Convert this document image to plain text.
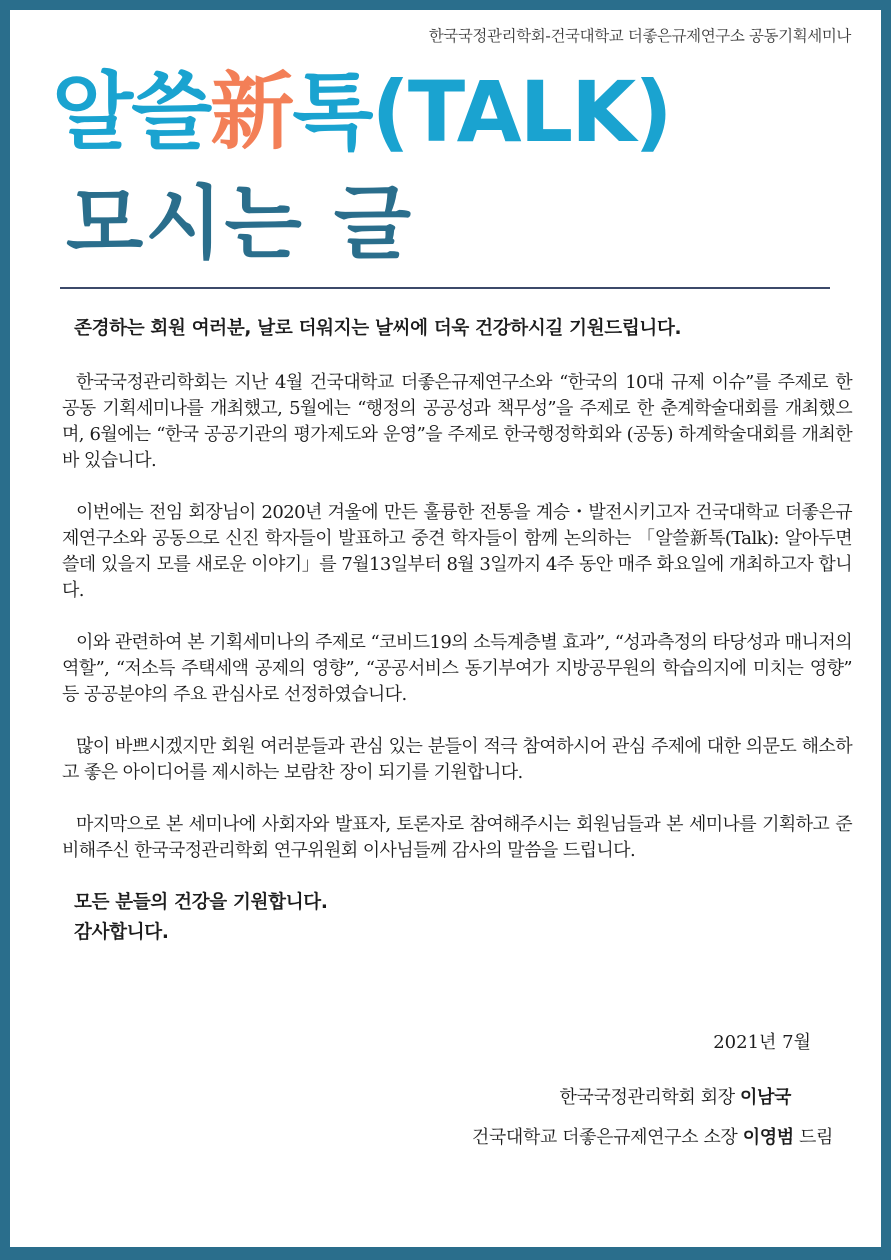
한국국정관리학회-건국대학교 더좋은규제연구소 공동기획세미나
알쓸新톡(TALK)
모시는 글
존경하는 회원 여러분, 날로 더워지는 날씨에 더욱 건강하시길 기원드립니다.

한국국정관리학회는 지난 4월 건국대학교 더좋은규제연구소와 “한국의 10대 규제 이슈”를 주제로 한 공동 기획세미나를 개최했고, 5월에는 “행정의 공공성과 책무성”을 주제로 한 춘계학술대회를 개최했으며, 6월에는 “한국 공공기관의 평가제도와 운영”을 주제로 한국행정학회와 (공동) 하계학술대회를 개최한 바 있습니다.

이번에는 전임 회장님이 2020년 겨울에 만든 훌륭한 전통을 계승・발전시키고자 건국대학교 더좋은규제연구소와 공동으로 신진 학자들이 발표하고 중견 학자들이 함께 논의하는 「알쓸新톡(Talk): 알아두면 쓸데 있을지 모를 새로운 이야기」를 7월13일부터 8월 3일까지 4주 동안 매주 화요일에 개최하고자 합니다.

이와 관련하여 본 기획세미나의 주제로 “코비드19의 소득계층별 효과”, “성과측정의 타당성과 매니저의 역할”, “저소득 주택세액 공제의 영향”, “공공서비스 동기부여가 지방공무원의 학습의지에 미치는 영향” 등 공공분야의 주요 관심사로 선정하였습니다.

많이 바쁘시겠지만 회원 여러분들과 관심 있는 분들이 적극 참여하시어 관심 주제에 대한 의문도 해소하고 좋은 아이디어를 제시하는 보람찬 장이 되기를 기원합니다.

마지막으로 본 세미나에 사회자와 발표자, 토론자로 참여해주시는 회원님들과 본 세미나를 기획하고 준비해주신 한국국정관리학회 연구위원회 이사님들께 감사의 말씀을 드립니다.

모든 분들의 건강을 기원합니다.
감사합니다.
2021년 7월
한국국정관리학회 회장 이남국
건국대학교 더좋은규제연구소 소장 이영범 드림
